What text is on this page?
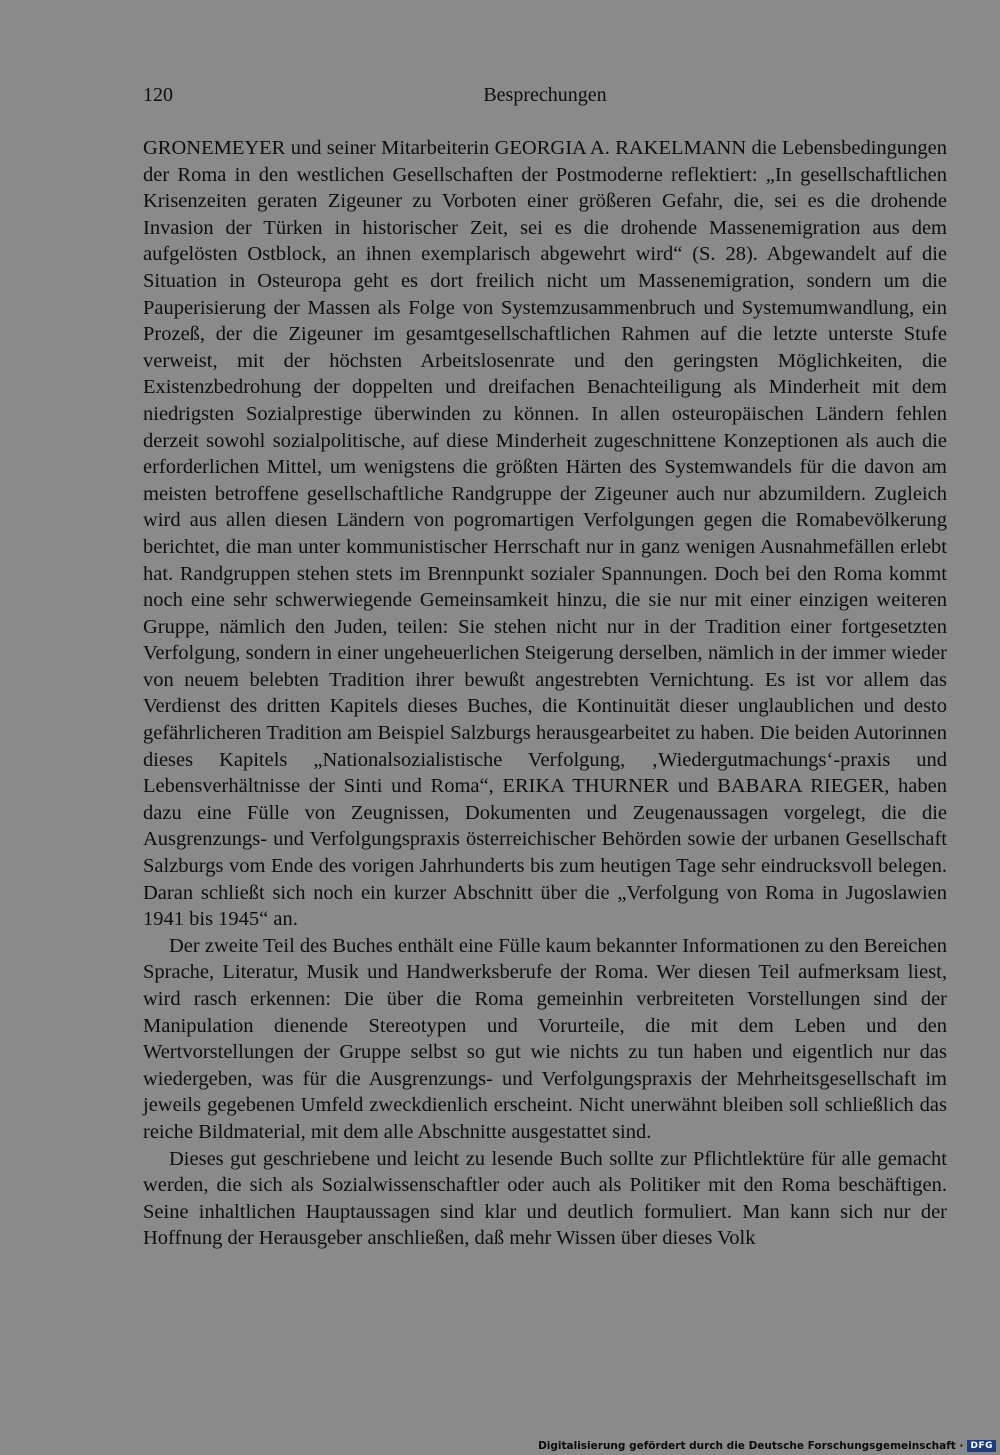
120	Besprechungen

GRONEMEYER und seiner Mitarbeiterin GEORGIA A. RAKELMANN die Lebensbedingungen der Roma in den westlichen Gesellschaften der Postmoderne reflektiert: „In gesellschaftlichen Krisenzeiten geraten Zigeuner zu Vorboten einer größeren Gefahr, die, sei es die drohende Invasion der Türken in historischer Zeit, sei es die drohende Massenemigration aus dem aufgelösten Ostblock, an ihnen exemplarisch abgewehrt wird“ (S. 28). Abgewandelt auf die Situation in Osteuropa geht es dort freilich nicht um Massenemigration, sondern um die Pauperisierung der Massen als Folge von Systemzusammenbruch und Systemumwandlung, ein Prozeß, der die Zigeuner im gesamtgesellschaftlichen Rahmen auf die letzte unterste Stufe verweist, mit der höchsten Arbeitslosenrate und den geringsten Möglichkeiten, die Existenzbedrohung der doppelten und dreifachen Benachteiligung als Minderheit mit dem niedrigsten Sozialprestige überwinden zu können. In allen osteuropäischen Ländern fehlen derzeit sowohl sozialpolitische, auf diese Minderheit zugeschnittene Konzeptionen als auch die erforderlichen Mittel, um wenigstens die größten Härten des Systemwandels für die davon am meisten betroffene gesellschaftliche Randgruppe der Zigeuner auch nur abzumildern. Zugleich wird aus allen diesen Ländern von pogromartigen Verfolgungen gegen die Romabevölkerung berichtet, die man unter kommunistischer Herrschaft nur in ganz wenigen Ausnahmefällen erlebt hat. Randgruppen stehen stets im Brennpunkt sozialer Spannungen. Doch bei den Roma kommt noch eine sehr schwerwiegende Gemeinsamkeit hinzu, die sie nur mit einer einzigen weiteren Gruppe, nämlich den Juden, teilen: Sie stehen nicht nur in der Tradition einer fortgesetzten Verfolgung, sondern in einer ungeheuerlichen Steigerung derselben, nämlich in der immer wieder von neuem belebten Tradition ihrer bewußt angestrebten Vernichtung. Es ist vor allem das Verdienst des dritten Kapitels dieses Buches, die Kontinuität dieser unglaublichen und desto gefährlicheren Tradition am Beispiel Salzburgs herausgearbeitet zu haben. Die beiden Autorinnen dieses Kapitels „Nationalsozialistische Verfolgung, ‚Wiedergutmachungs‘-praxis und Lebensverhältnisse der Sinti und Roma“, ERIKA THURNER und BABARA RIEGER, haben dazu eine Fülle von Zeugnissen, Dokumenten und Zeugenaussagen vorgelegt, die die Ausgrenzungs- und Verfolgungspraxis österreichischer Behörden sowie der urbanen Gesellschaft Salzburgs vom Ende des vorigen Jahrhunderts bis zum heutigen Tage sehr eindrucksvoll belegen. Daran schließt sich noch ein kurzer Abschnitt über die „Verfolgung von Roma in Jugoslawien 1941 bis 1945“ an.

Der zweite Teil des Buches enthält eine Fülle kaum bekannter Informationen zu den Bereichen Sprache, Literatur, Musik und Handwerksberufe der Roma. Wer diesen Teil aufmerksam liest, wird rasch erkennen: Die über die Roma gemeinhin verbreiteten Vorstellungen sind der Manipulation dienende Stereotypen und Vorurteile, die mit dem Leben und den Wertvorstellungen der Gruppe selbst so gut wie nichts zu tun haben und eigentlich nur das wiedergeben, was für die Ausgrenzungs- und Verfolgungspraxis der Mehrheitsgesellschaft im jeweils gegebenen Umfeld zweckdienlich erscheint. Nicht unerwähnt bleiben soll schließlich das reiche Bildmaterial, mit dem alle Abschnitte ausgestattet sind.

Dieses gut geschriebene und leicht zu lesende Buch sollte zur Pflichtlektüre für alle gemacht werden, die sich als Sozialwissenschaftler oder auch als Politiker mit den Roma beschäftigen. Seine inhaltlichen Hauptaussagen sind klar und deutlich formuliert. Man kann sich nur der Hoffnung der Herausgeber anschließen, daß mehr Wissen über dieses Volk

Digitalisierung gefördert durch die Deutsche Forschungsgemeinschaft · DFG
